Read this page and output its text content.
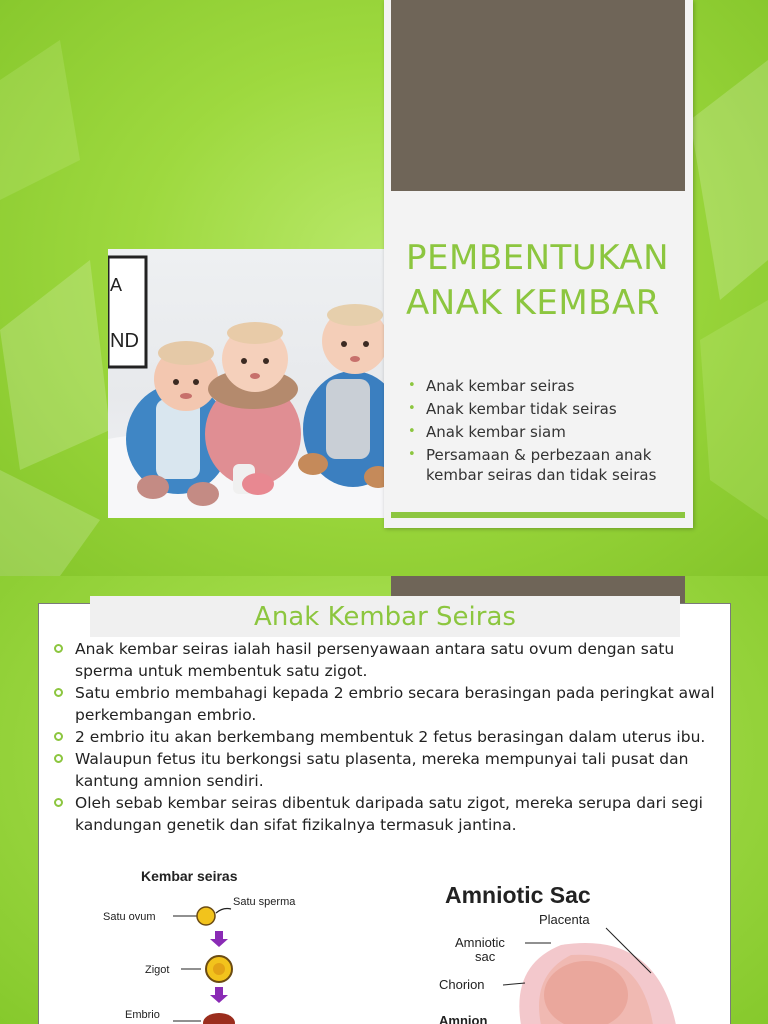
A
ND
PEMBENTUKAN ANAK KEMBAR
• Anak kembar seiras
• Anak kembar tidak seiras
• Anak kembar siam
• Persamaan & perbezaan anak kembar seiras dan tidak seiras
Anak Kembar Seiras
Anak kembar seiras ialah hasil persenyawaan antara satu ovum dengan satu sperma untuk membentuk satu zigot.
Satu embrio membahagi kepada 2 embrio secara berasingan pada peringkat awal perkembangan embrio.
2 embrio itu akan berkembang membentuk 2 fetus berasingan dalam uterus ibu.
Walaupun fetus itu berkongsi satu plasenta, mereka mempunyai tali pusat dan kantung amnion sendiri.
Oleh sebab kembar seiras dibentuk daripada satu zigot, mereka serupa dari segi kandungan genetik dan sifat fizikalnya termasuk jantina.
Kembar seiras
Satu sperma
Satu ovum
Zigot
Embrio
Amniotic Sac
Placenta
Amniotic
sac
Chorion
Amnion
